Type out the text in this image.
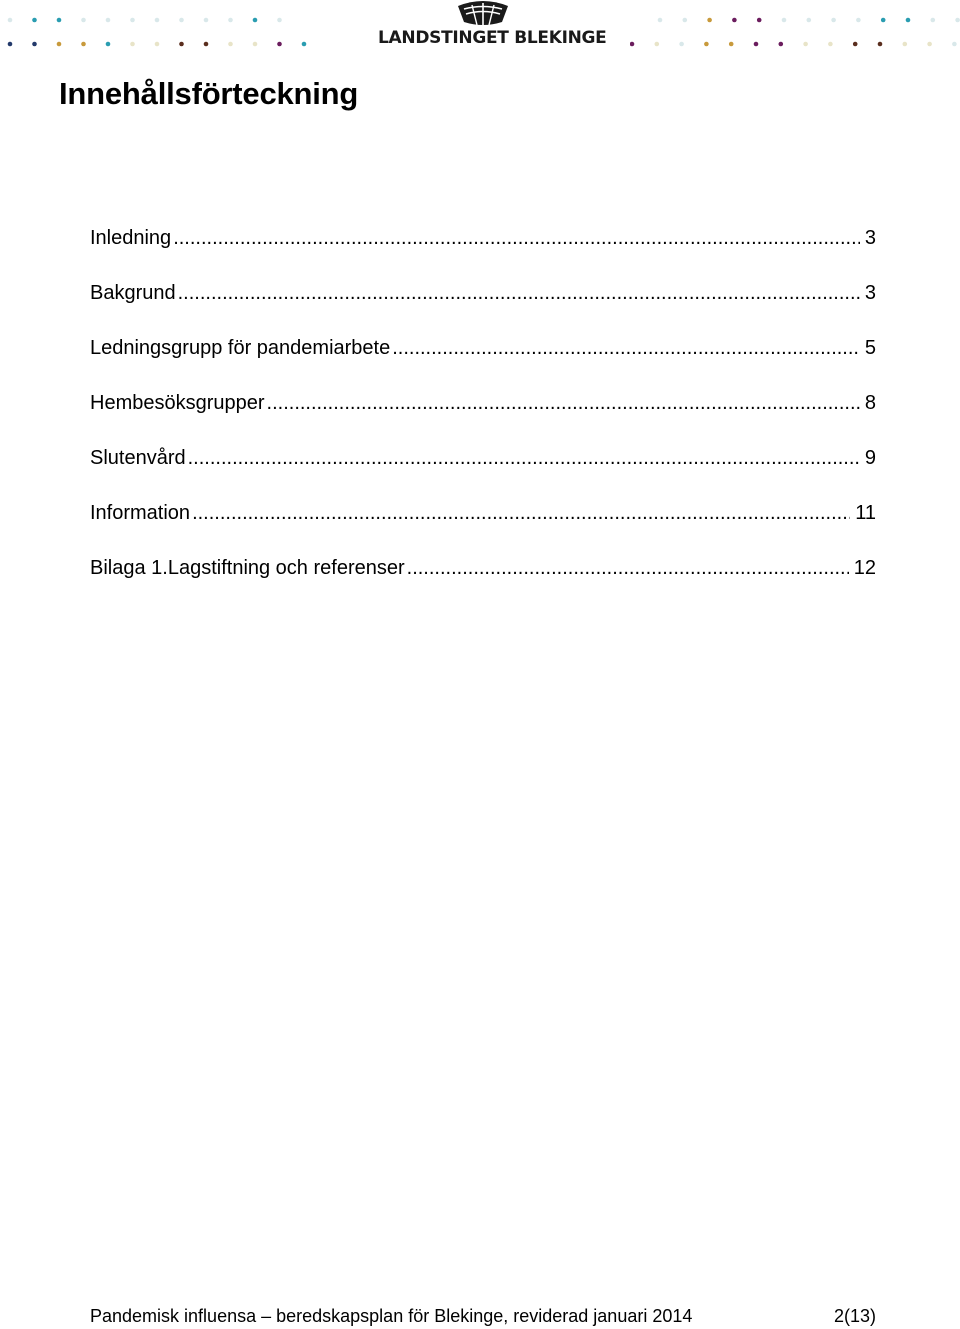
LANDSTINGET BLEKINGE
Innehållsförteckning
Inledning .....	3
Bakgrund .....	3
Ledningsgrupp för pandemiarbete .....	5
Hembesöksgrupper .....	8
Slutenvård .....	9
Information .....	11
Bilaga 1.Lagstiftning och referenser .....	12
Pandemisk influensa – beredskapsplan för Blekinge, reviderad januari 2014	2(13)
